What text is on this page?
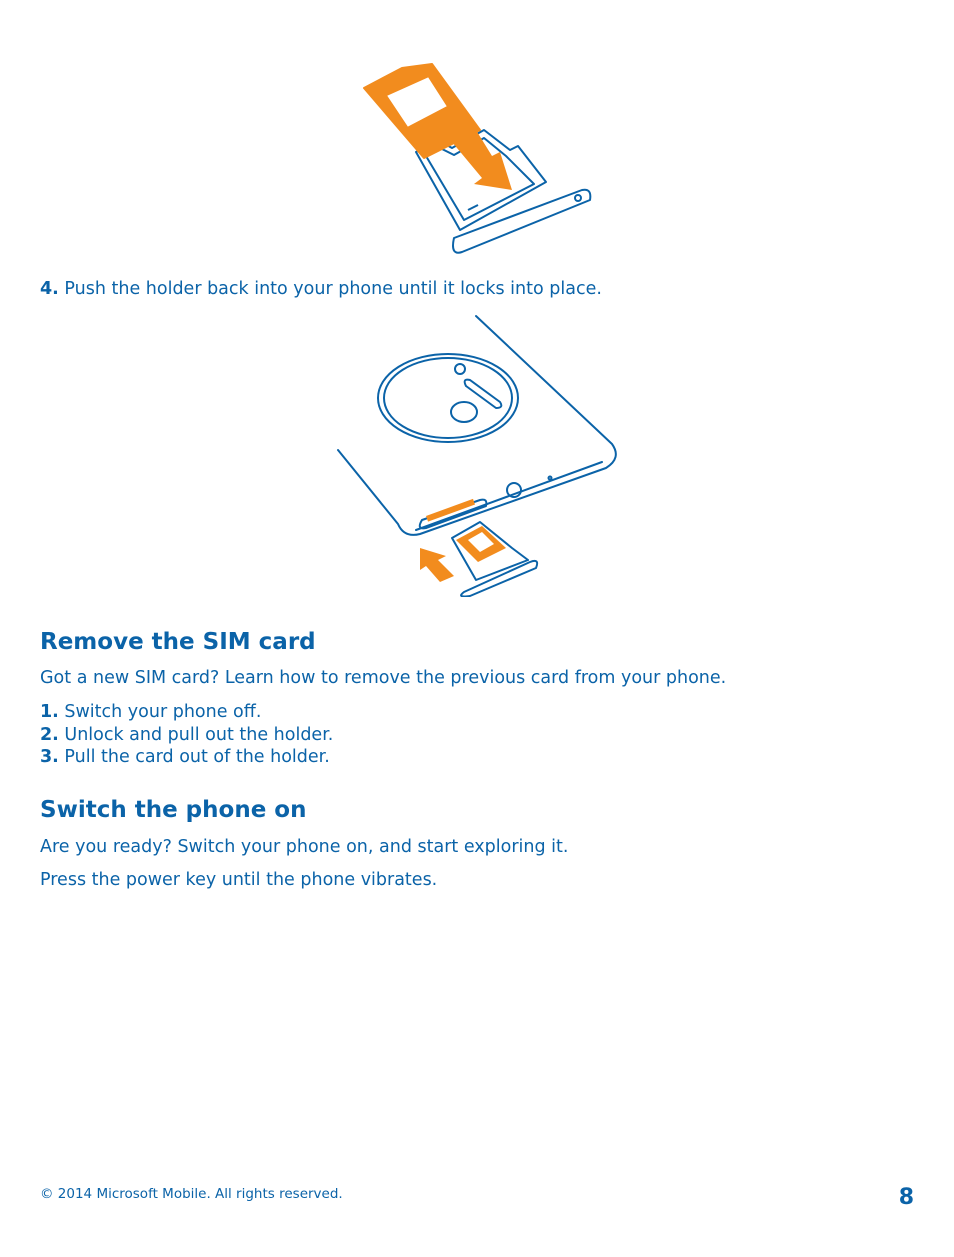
4. Push the holder back into your phone until it locks into place.
Remove the SIM card
Got a new SIM card? Learn how to remove the previous card from your phone.
1. Switch your phone off.
2. Unlock and pull out the holder.
3. Pull the card out of the holder.
Switch the phone on
Are you ready? Switch your phone on, and start exploring it.
Press the power key until the phone vibrates.
© 2014 Microsoft Mobile. All rights reserved.	8
